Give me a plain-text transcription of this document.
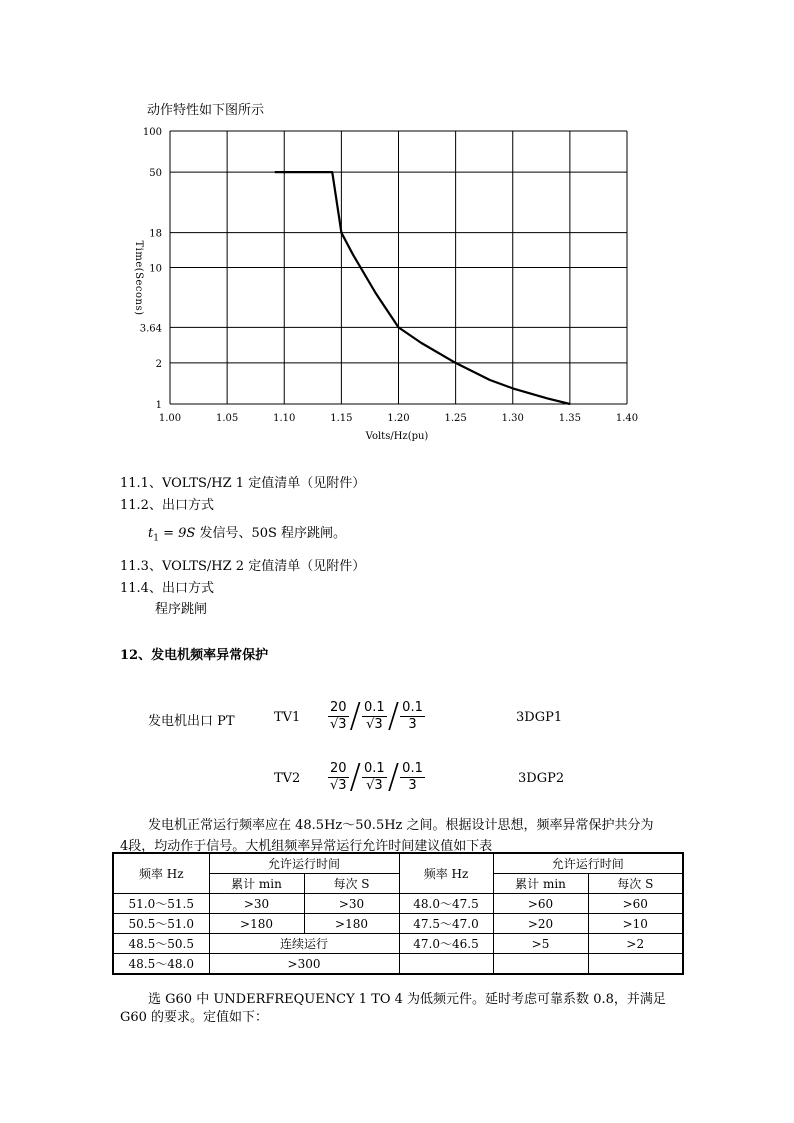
动作特性如下图所示
100
50
18
10
3.64
2
1
1.00	1.05	1.10	1.15	1.20	1.25	1.30	1.35	1.40
Time(Secons)
Volts/Hz(pu)
11.1、VOLTS/HZ 1 定值清单（见附件）
11.2、出口方式
$t_1 = 9S$ 发信号、50S 程序跳闸。
11.3、VOLTS/HZ 2 定值清单（见附件）
11.4、出口方式
程序跳闸
12、发电机频率异常保护
发电机出口 PT	$TV1 \frac{20}{√3} / \frac{0.1}{√3} / \frac{0.1}{3}$	3DGP1
$TV2 \frac{20}{√3} / \frac{0.1}{√3} / \frac{0.1}{3}$	3DGP2
发电机正常运行频率应在 48.5Hz～50.5Hz 之间。根据设计思想，频率异常保护共分为
4段，均动作于信号。大机组频率异常运行允许时间建议值如下表
频率 Hz	允许运行时间		频率 Hz	允许运行时间	
	累计 min	每次 S		累计 min	每次 S
51.0～51.5	>30	>30	48.0～47.5	>60	>60
50.5～51.0	>180	>180	47.5～47.0	>20	>10
48.5～50.5	连续运行		47.0～46.5	>5	>2
48.5～48.0	>300				
选 G60 中 UNDERFREQUENCY 1 TO 4 为低频元件。延时考虑可靠系数 0.8，并满足
G60 的要求。定值如下：
